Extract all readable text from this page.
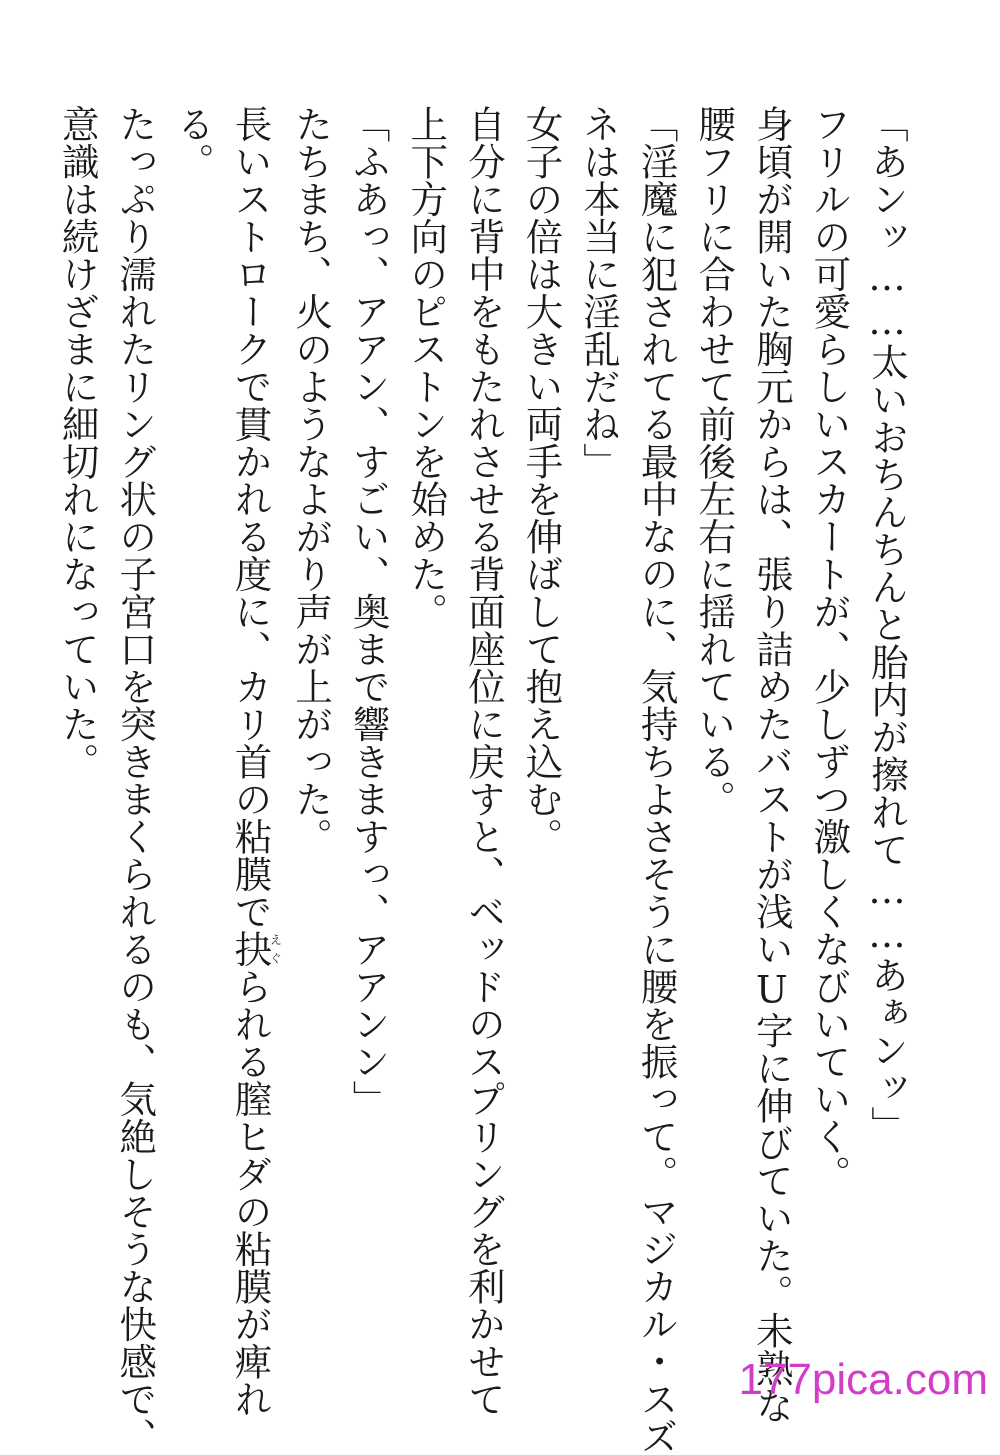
「あンッ……太いおちんちんと胎内が擦れて……あぁンッ」

フリルの可愛らしいスカートが、少しずつ激しくなびいていく。

身頃が開いた胸元からは、張り詰めたバストが浅いU字に伸びていた。未熟な

腰フリに合わせて前後左右に揺れている。

「淫魔に犯されてる最中なのに、気持ちよさそうに腰を振って。マジカル・スズ

ネは本当に淫乱だね」

女子の倍は大きい両手を伸ばして抱え込む。

自分に背中をもたれさせる背面座位に戻すと、ベッドのスプリングを利かせて

上下方向のピストンを始めた。

「ふあっ、アアン、すごい、奥まで響きますっ、アアンン」

たちまち、火のようなよがり声が上がった。

長いストロークで貫かれる度に、カリ首の粘膜で抉えぐられる膣ヒダの粘膜が痺れ

る。

たっぷり濡れたリング状の子宮口を突きまくられるのも、気絶しそうな快感で、

意識は続けざまに細切れになっていた。

177pica.com
